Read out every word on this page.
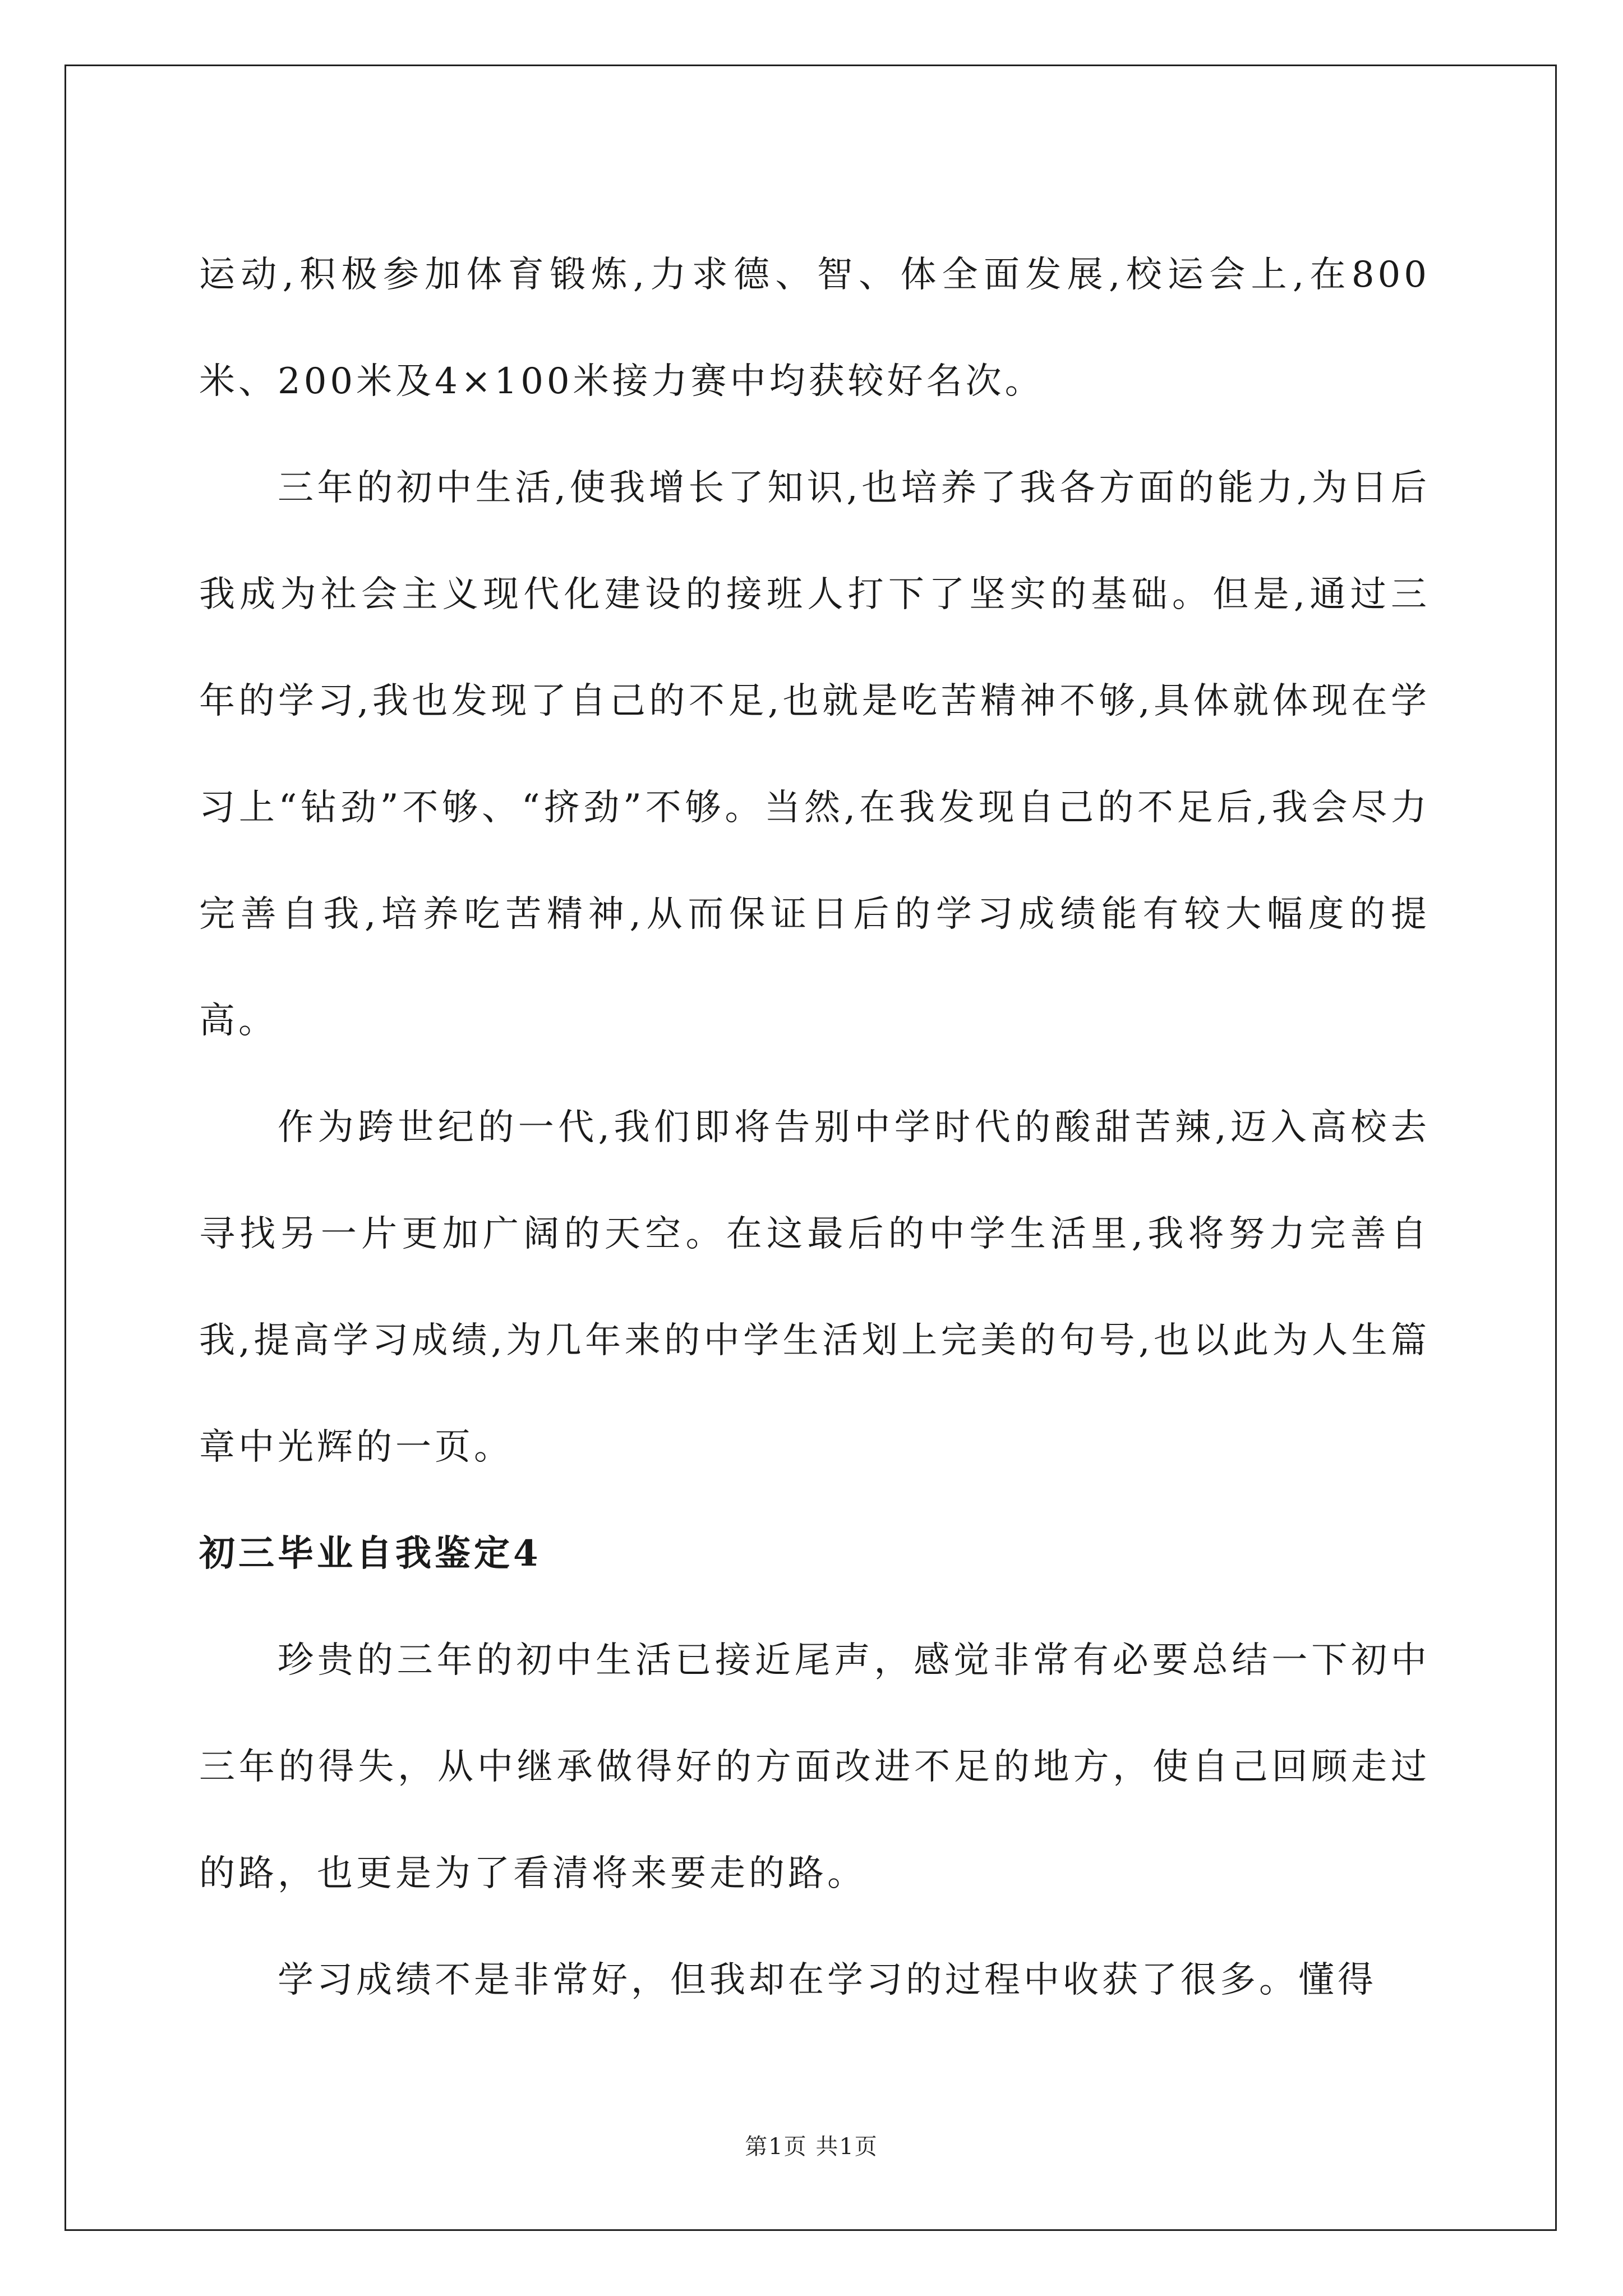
运动,积极参加体育锻炼,力求德、智、体全面发展,校运会上,在800米、200米及4×100米接力赛中均获较好名次。

三年的初中生活,使我增长了知识,也培养了我各方面的能力,为日后我成为社会主义现代化建设的接班人打下了坚实的基础。但是,通过三年的学习,我也发现了自己的不足,也就是吃苦精神不够,具体就体现在学习上“钻劲”不够、“挤劲”不够。当然,在我发现自己的不足后,我会尽力完善自我,培养吃苦精神,从而保证日后的学习成绩能有较大幅度的提高。

作为跨世纪的一代,我们即将告别中学时代的酸甜苦辣,迈入高校去寻找另一片更加广阔的天空。在这最后的中学生活里,我将努力完善自我,提高学习成绩,为几年来的中学生活划上完美的句号,也以此为人生篇章中光辉的一页。

初三毕业自我鉴定4

珍贵的三年的初中生活已接近尾声，感觉非常有必要总结一下初中三年的得失，从中继承做得好的方面改进不足的地方，使自己回顾走过的路，也更是为了看清将来要走的路。

学习成绩不是非常好，但我却在学习的过程中收获了很多。懂得

第1页 共1页
